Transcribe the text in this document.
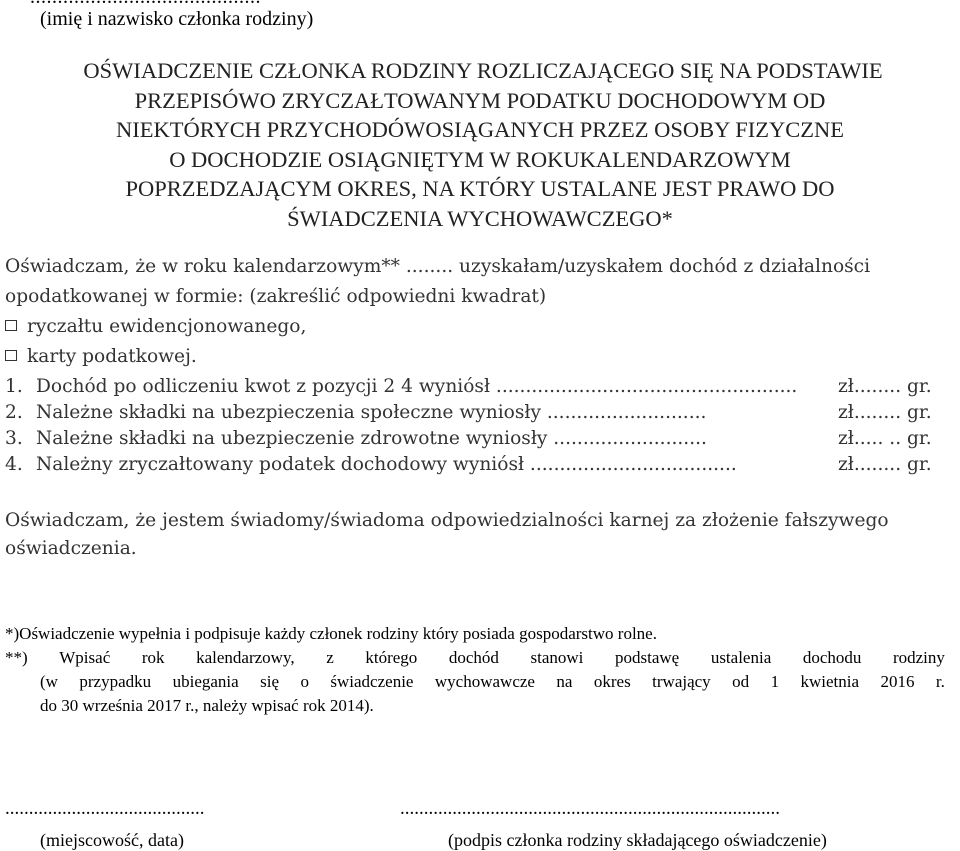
(imię i nazwisko członka rodziny)
OŚWIADCZENIE CZŁONKA RODZINY ROZLICZAJĄCEGO SIĘ NA PODSTAWIE
PRZEPISÓWO ZRYCZAŁTOWANYM PODATKU DOCHODOWYM OD
NIEKTÓRYCH PRZYCHODÓWOSIĄGANYCH PRZEZ OSOBY FIZYCZNE
O DOCHODZIE OSIĄGNIĘTYM W ROKUKALENDARZOWYM
POPRZEDZAJĄCYM OKRES, NA KTÓRY USTALANE JEST PRAWO DO
ŚWIADCZENIA WYCHOWAWCZEGO*
Oświadczam, że w roku kalendarzowym** ........ uzyskałam/uzyskałem dochód z działalności
opodatkowanej w formie: (zakreślić odpowiedni kwadrat)
ryczałtu ewidencjonowanego,
karty podatkowej.
1. Dochód po odliczeniu kwot z pozycji 2 4 wyniósł ................................................... zł........ gr.
2. Należne składki na ubezpieczenia społeczne wyniosły ...........................	zł........ gr.
3. Należne składki na ubezpieczenie zdrowotne wyniosły ..........................	zł..... .. gr.
4. Należny zryczałtowany podatek dochodowy wyniósł ...................................	zł........ gr.
Oświadczam, że jestem świadomy/świadoma odpowiedzialności karnej za złożenie fałszywego
oświadczenia.
*)Oświadczenie wypełnia i podpisuje każdy członek rodziny który posiada gospodarstwo rolne.
**) Wpisać rok kalendarzowy, z którego dochód stanowi podstawę ustalenia dochodu rodziny
(w przypadku ubiegania się o świadczenie wychowawcze na okres trwający od 1 kwietnia 2016 r.
do 30 września 2017 r., należy wpisać rok 2014).
..........................................	................................................................................
(miejscowość, data)	(podpis członka rodziny składającego oświadczenie)
